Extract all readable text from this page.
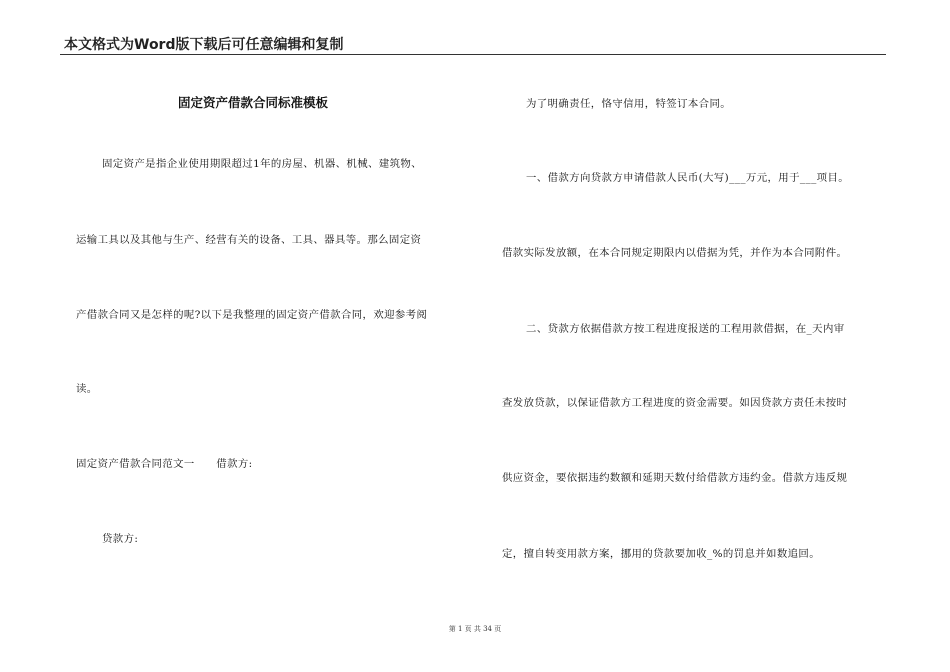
本文格式为Word版下载后可任意编辑和复制
固定资产借款合同标准模板
固定资产是指企业使用期限超过1年的房屋、机器、机械、建筑物、
运输工具以及其他与生产、经营有关的设备、工具、器具等。那么固定资
产借款合同又是怎样的呢?以下是我整理的固定资产借款合同，欢迎参考阅
读。
固定资产借款合同范文一　　借款方:
贷款方:
为了明确责任，恪守信用，特签订本合同。
一、借款方向贷款方申请借款人民币(大写)___万元，用于___项目。
借款实际发放额，在本合同规定期限内以借据为凭，并作为本合同附件。
二、贷款方依据借款方按工程进度报送的工程用款借据，在_天内审
查发放贷款，以保证借款方工程进度的资金需要。如因贷款方责任未按时
供应资金，要依据违约数额和延期天数付给借款方违约金。借款方违反规
定，擅自转变用款方案，挪用的贷款要加收_%的罚息并如数追回。
第 1 页 共 34 页
